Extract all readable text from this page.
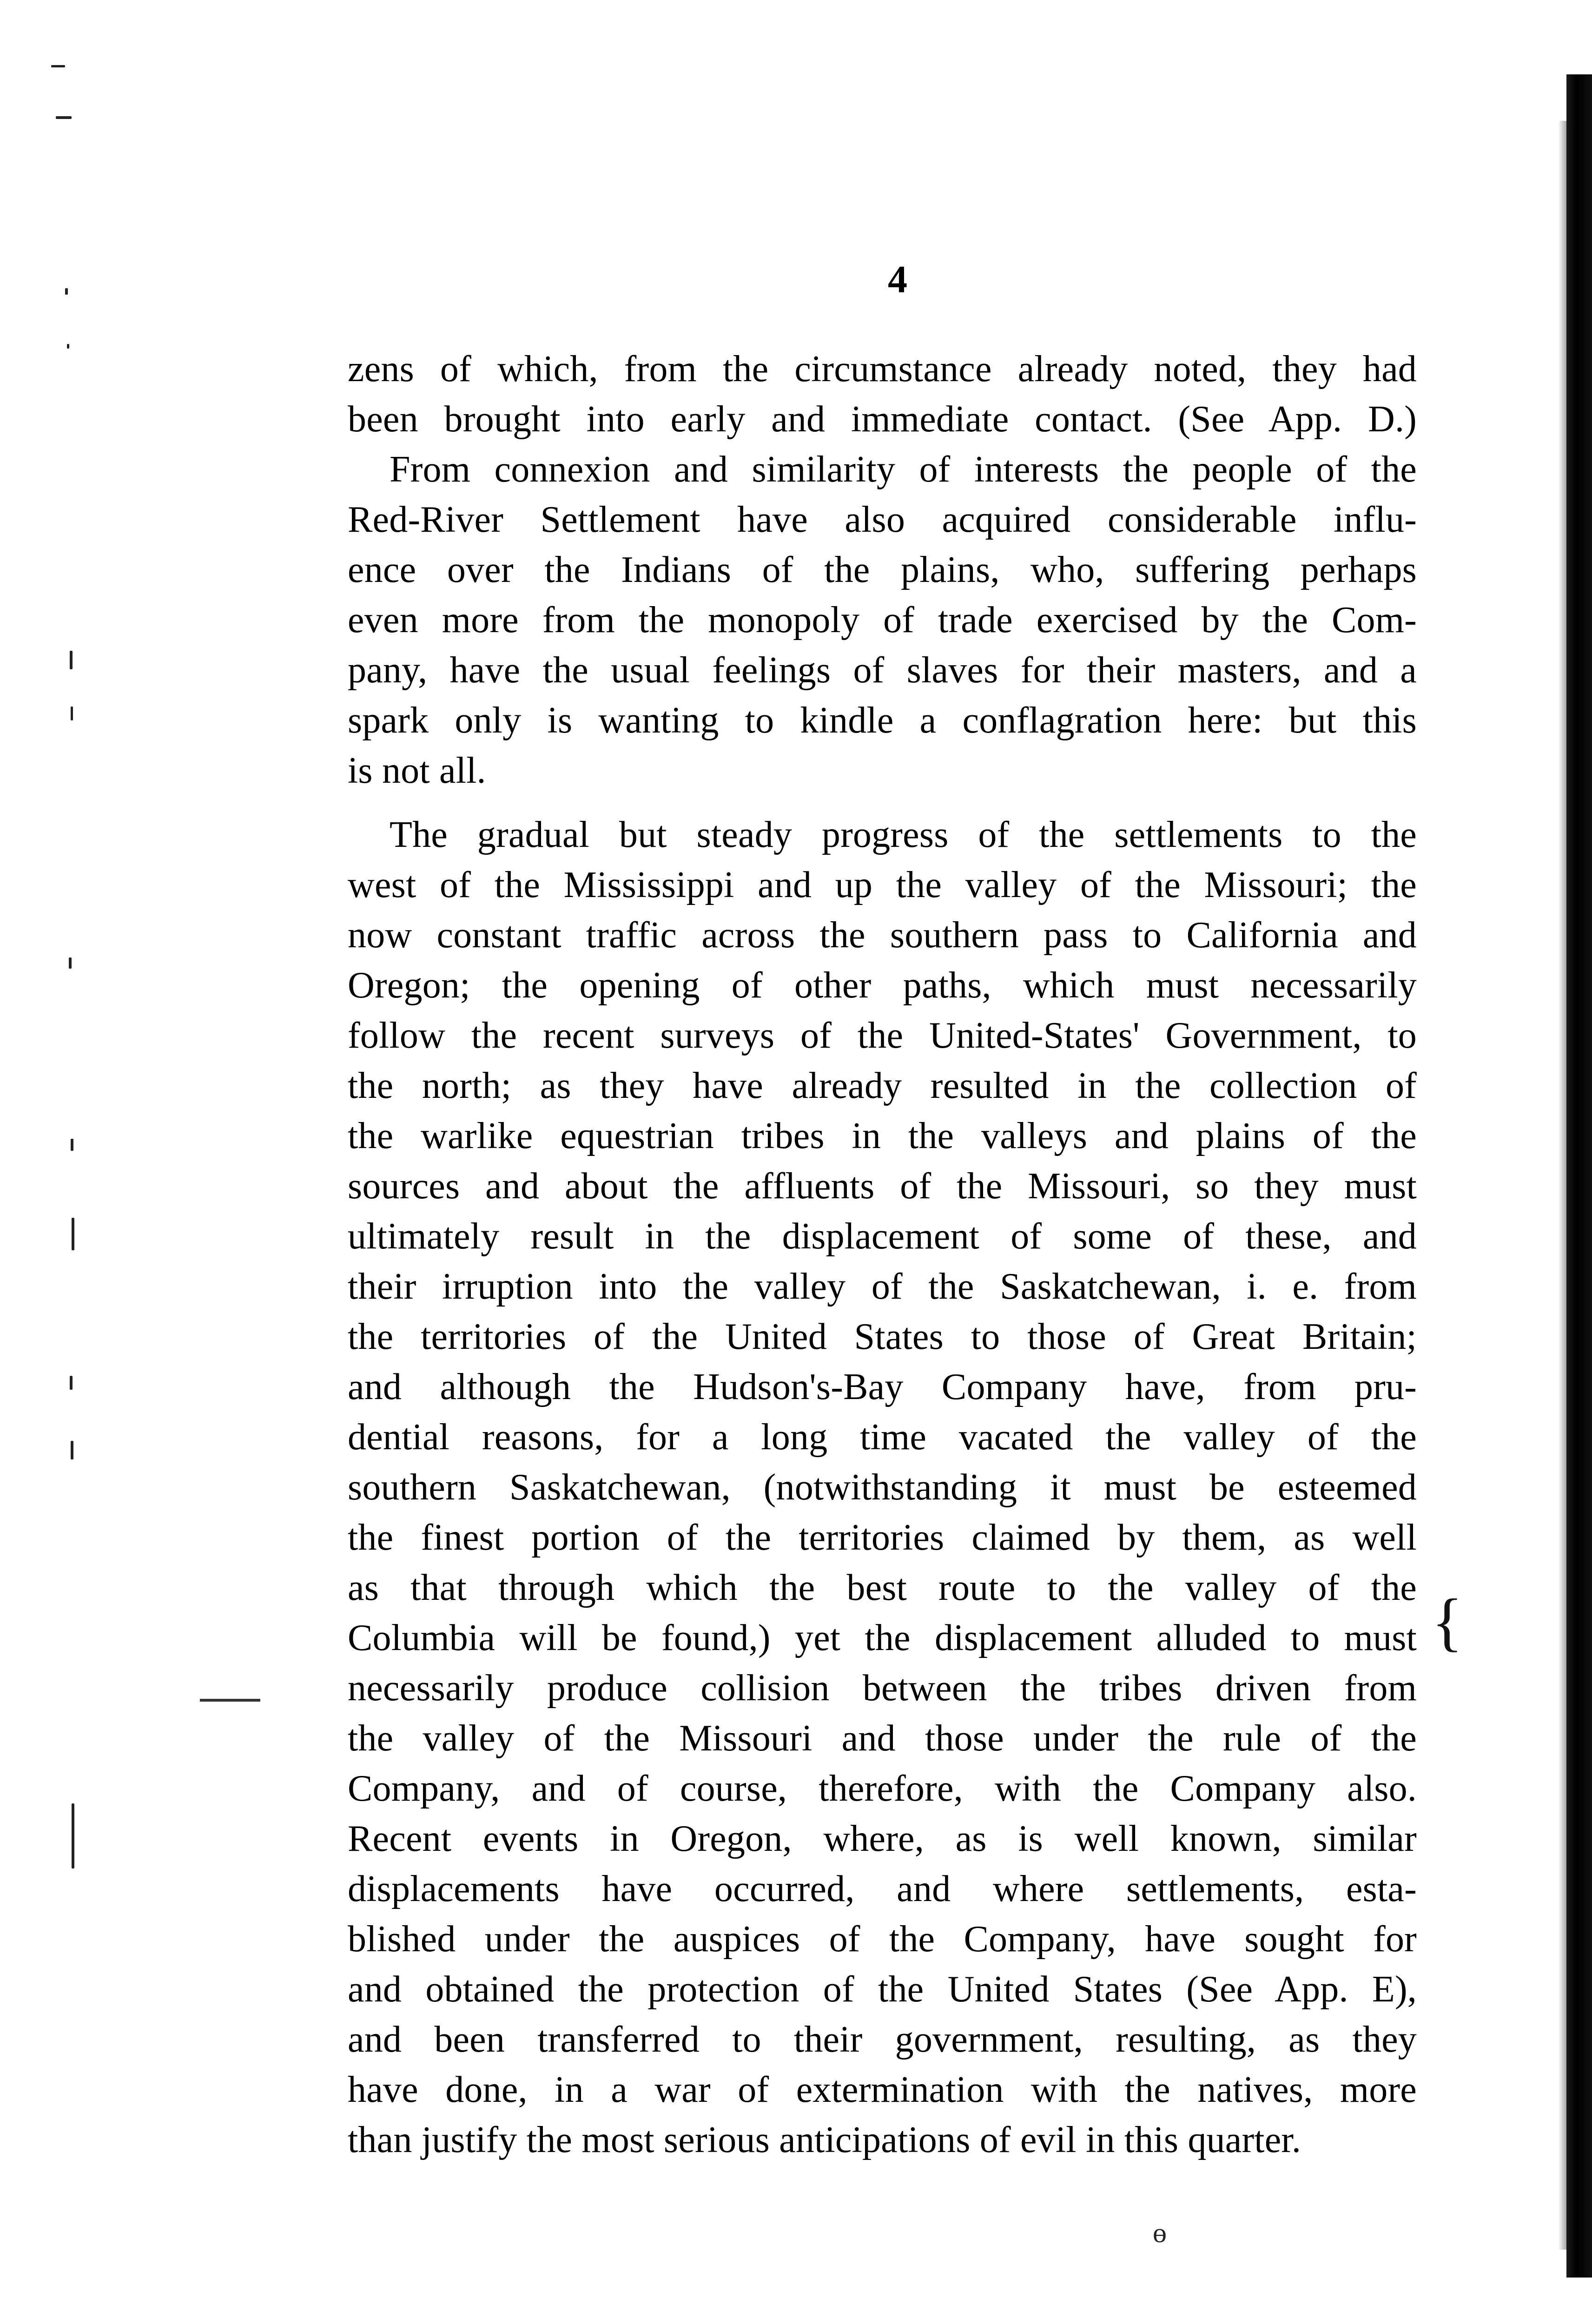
{
4
zens of which, from the circumstance already noted, they had
been brought into early and immediate contact. (See App. D.)
From connexion and similarity of interests the people of the
Red-River Settlement have also acquired considerable influ-
ence over the Indians of the plains, who, suffering perhaps
even more from the monopoly of trade exercised by the Com-
pany, have the usual feelings of slaves for their masters, and a
spark only is wanting to kindle a conflagration here: but this
is not all.
The gradual but steady progress of the settlements to the
west of the Mississippi and up the valley of the Missouri; the
now constant traffic across the southern pass to California and
Oregon; the opening of other paths, which must necessarily
follow the recent surveys of the United-States' Government, to
the north; as they have already resulted in the collection of
the warlike equestrian tribes in the valleys and plains of the
sources and about the affluents of the Missouri, so they must
ultimately result in the displacement of some of these, and
their irruption into the valley of the Saskatchewan, i. e. from
the territories of the United States to those of Great Britain;
and although the Hudson's-Bay Company have, from pru-
dential reasons, for a long time vacated the valley of the
southern Saskatchewan, (notwithstanding it must be esteemed
the finest portion of the territories claimed by them, as well
as that through which the best route to the valley of the
Columbia will be found,) yet the displacement alluded to must
necessarily produce collision between the tribes driven from
the valley of the Missouri and those under the rule of the
Company, and of course, therefore, with the Company also.
Recent events in Oregon, where, as is well known, similar
displacements have occurred, and where settlements, esta-
blished under the auspices of the Company, have sought for
and obtained the protection of the United States (See App. E),
and been transferred to their government, resulting, as they
have done, in a war of extermination with the natives, more
than justify the most serious anticipations of evil in this quarter.
ɵ
